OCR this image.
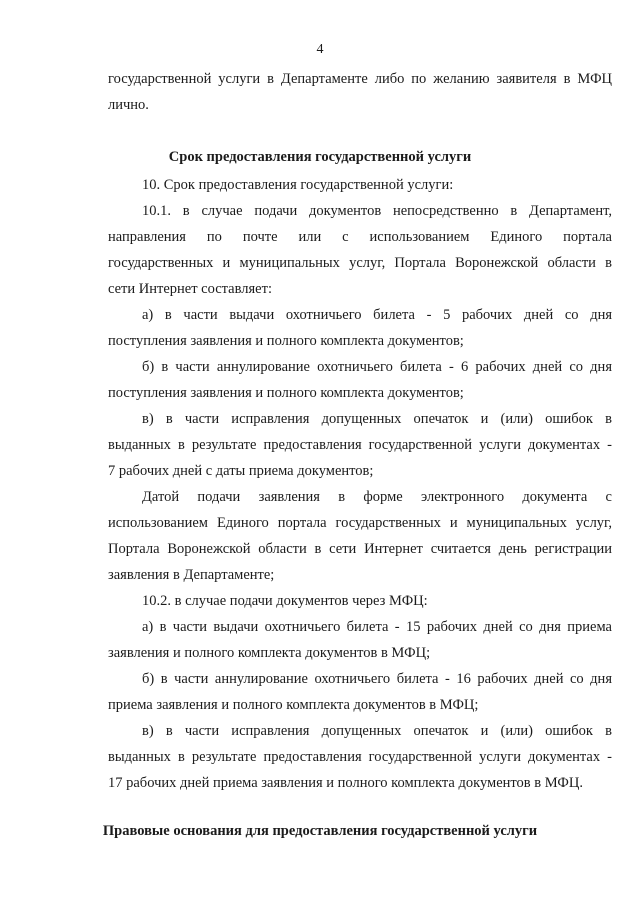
4
государственной услуги в Департаменте либо по желанию заявителя в МФЦ
лично.
Срок предоставления государственной услуги
10. Срок предоставления государственной услуги:
10.1. в случае подачи документов непосредственно в Департамент,
направления по почте или с использованием Единого портала
государственных и муниципальных услуг, Портала Воронежской области в
сети Интернет составляет:
а) в части выдачи охотничьего билета - 5 рабочих дней со дня
поступления заявления и полного комплекта документов;
б) в части аннулирование охотничьего билета - 6 рабочих дней со дня
поступления заявления и полного комплекта документов;
в) в части исправления допущенных опечаток и (или) ошибок в
выданных в результате предоставления государственной услуги документах -
7 рабочих дней с даты приема документов;
Датой подачи заявления в форме электронного документа с
использованием Единого портала государственных и муниципальных услуг,
Портала Воронежской области в сети Интернет считается день регистрации
заявления в Департаменте;
10.2. в случае подачи документов через МФЦ:
а) в части выдачи охотничьего билета - 15 рабочих дней со дня приема
заявления и полного комплекта документов в МФЦ;
б) в части аннулирование охотничьего билета - 16 рабочих дней со дня
приема заявления и полного комплекта документов в МФЦ;
в) в части исправления допущенных опечаток и (или) ошибок в
выданных в результате предоставления государственной услуги документах -
17 рабочих дней приема заявления и полного комплекта документов в МФЦ.
Правовые основания для предоставления государственной услуги
